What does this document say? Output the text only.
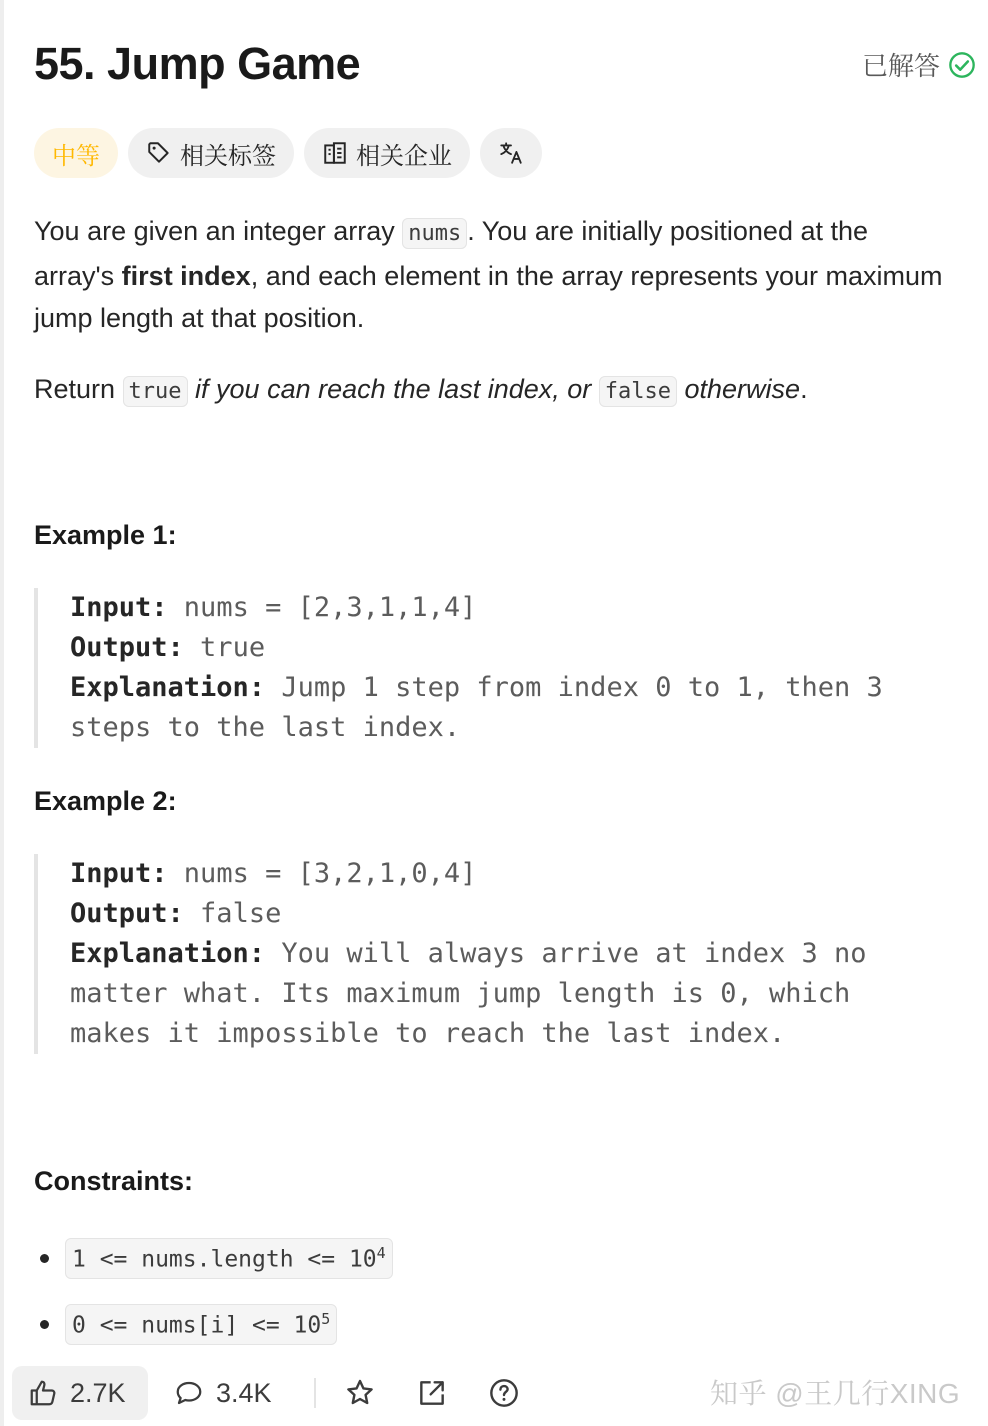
55. Jump Game	已解答
中等	相关标签	相关企业

You are given an integer array nums . You are initially positioned at the array's first index, and each element in the array represents your maximum jump length at that position.

Return true if you can reach the last index, or false otherwise.

Example 1:
Input: nums = [2,3,1,1,4]
Output: true
Explanation: Jump 1 step from index 0 to 1, then 3
steps to the last index.
Example 2:
Input: nums = [3,2,1,0,4]
Output: false
Explanation: You will always arrive at index 3 no
matter what. Its maximum jump length is 0, which
makes it impossible to reach the last index.
Constraints:
1 <= nums.length <= $10^4$
0 <= nums[i] <= $10^5$
2.7K	3.4K	知乎 @王几行XING
